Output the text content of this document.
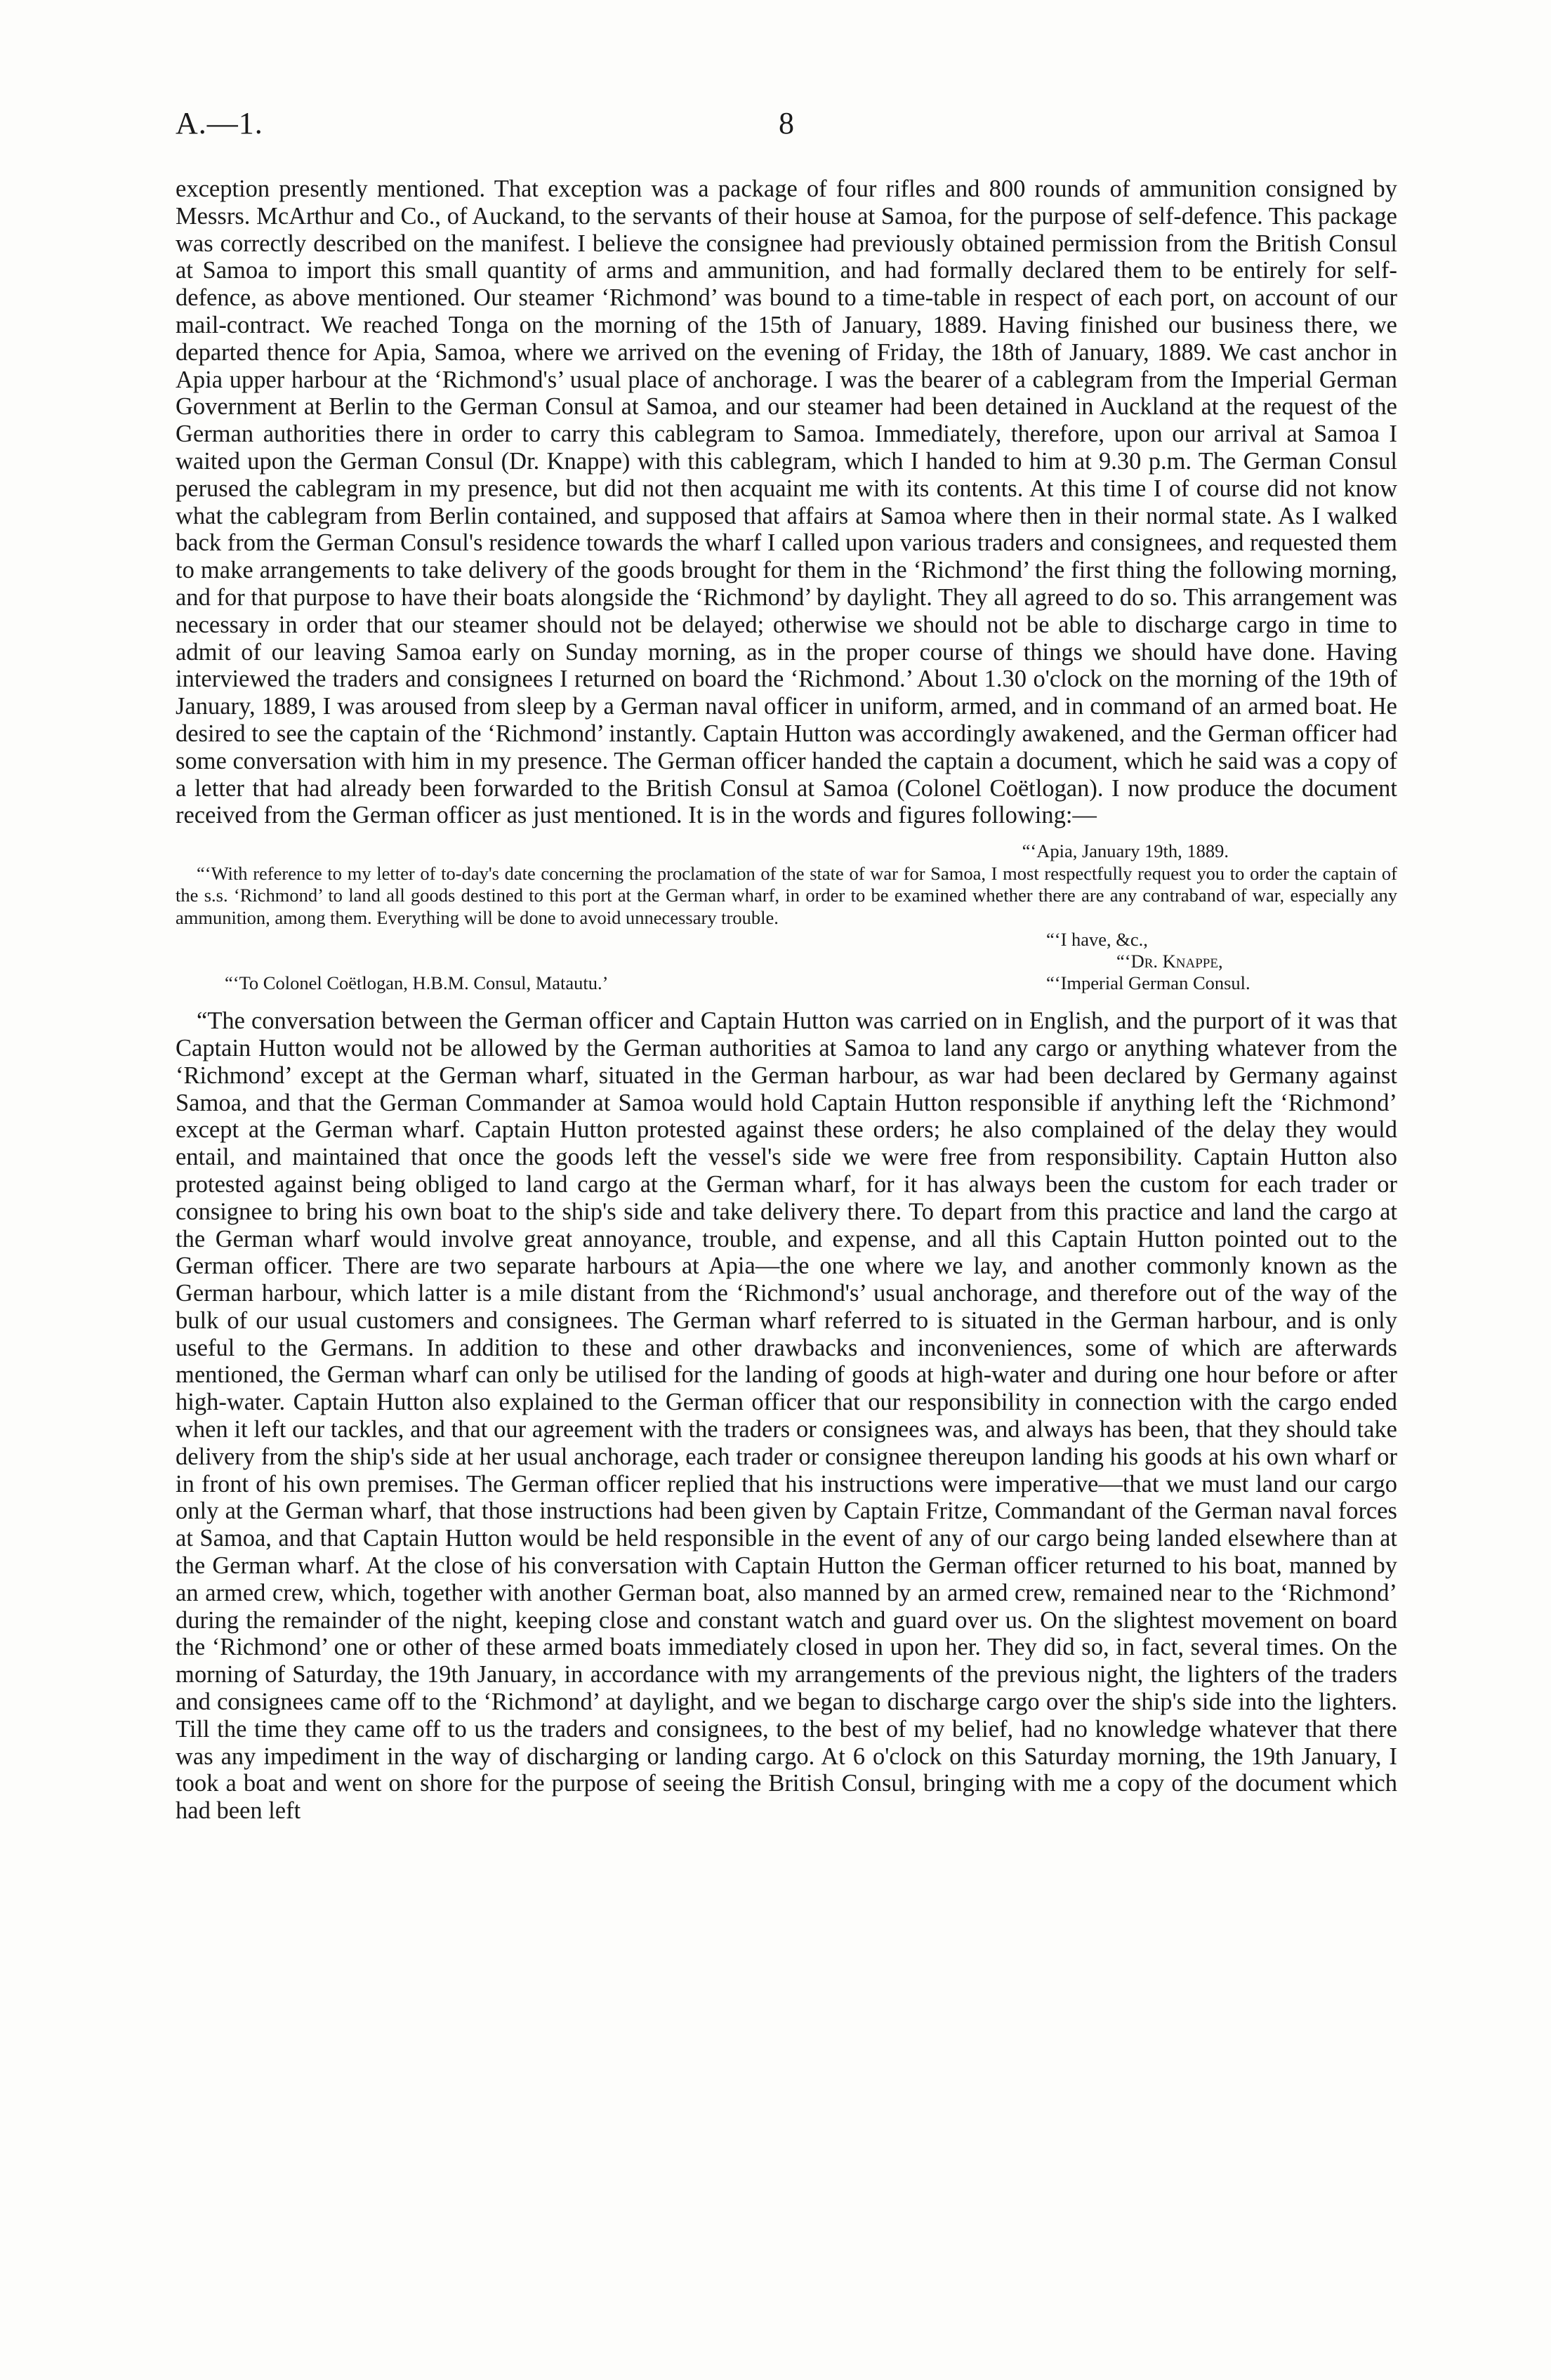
A.—1.	8

exception presently mentioned. That exception was a package of four rifles and 800 rounds of ammunition consigned by Messrs. McArthur and Co., of Auckand, to the servants of their house at Samoa, for the purpose of self-defence. This package was correctly described on the manifest. I believe the consignee had previously obtained permission from the British Consul at Samoa to import this small quantity of arms and ammunition, and had formally declared them to be entirely for self-defence, as above mentioned. Our steamer ‘Richmond’ was bound to a time-table in respect of each port, on account of our mail-contract. We reached Tonga on the morning of the 15th of January, 1889. Having finished our business there, we departed thence for Apia, Samoa, where we arrived on the evening of Friday, the 18th of January, 1889. We cast anchor in Apia upper harbour at the ‘Richmond's’ usual place of anchorage. I was the bearer of a cablegram from the Imperial German Government at Berlin to the German Consul at Samoa, and our steamer had been detained in Auckland at the request of the German authorities there in order to carry this cablegram to Samoa. Immediately, therefore, upon our arrival at Samoa I waited upon the German Consul (Dr. Knappe) with this cablegram, which I handed to him at 9.30 p.m. The German Consul perused the cablegram in my presence, but did not then acquaint me with its contents. At this time I of course did not know what the cablegram from Berlin contained, and supposed that affairs at Samoa where then in their normal state. As I walked back from the German Consul's residence towards the wharf I called upon various traders and consignees, and requested them to make arrangements to take delivery of the goods brought for them in the ‘Richmond’ the first thing the following morning, and for that purpose to have their boats alongside the ‘Richmond’ by daylight. They all agreed to do so. This arrangement was necessary in order that our steamer should not be delayed; otherwise we should not be able to discharge cargo in time to admit of our leaving Samoa early on Sunday morning, as in the proper course of things we should have done. Having interviewed the traders and consignees I returned on board the ‘Richmond.’ About 1.30 o'clock on the morning of the 19th of January, 1889, I was aroused from sleep by a German naval officer in uniform, armed, and in command of an armed boat. He desired to see the captain of the ‘Richmond’ instantly. Captain Hutton was accordingly awakened, and the German officer had some conversation with him in my presence. The German officer handed the captain a document, which he said was a copy of a letter that had already been forwarded to the British Consul at Samoa (Colonel Coëtlogan). I now produce the document received from the German officer as just mentioned. It is in the words and figures following:—

“‘Apia, January 19th, 1889.
“‘With reference to my letter of to-day's date concerning the proclamation of the state of war for Samoa, I most respectfully request you to order the captain of the s.s. ‘Richmond’ to land all goods destined to this port at the German wharf, in order to be examined whether there are any contraband of war, especially any ammunition, among them. Everything will be done to avoid unnecessary trouble.
“‘I have, &c.,
“‘Dr. Knappe,
“‘To Colonel Coëtlogan, H.B.M. Consul, Matautu.’	“‘Imperial German Consul.

“The conversation between the German officer and Captain Hutton was carried on in English, and the purport of it was that Captain Hutton would not be allowed by the German authorities at Samoa to land any cargo or anything whatever from the ‘Richmond’ except at the German wharf, situated in the German harbour, as war had been declared by Germany against Samoa, and that the German Commander at Samoa would hold Captain Hutton responsible if anything left the ‘Richmond’ except at the German wharf. Captain Hutton protested against these orders; he also complained of the delay they would entail, and maintained that once the goods left the vessel's side we were free from responsibility. Captain Hutton also protested against being obliged to land cargo at the German wharf, for it has always been the custom for each trader or consignee to bring his own boat to the ship's side and take delivery there. To depart from this practice and land the cargo at the German wharf would involve great annoyance, trouble, and expense, and all this Captain Hutton pointed out to the German officer. There are two separate harbours at Apia—the one where we lay, and another commonly known as the German harbour, which latter is a mile distant from the ‘Richmond's’ usual anchorage, and therefore out of the way of the bulk of our usual customers and consignees. The German wharf referred to is situated in the German harbour, and is only useful to the Germans. In addition to these and other drawbacks and inconveniences, some of which are afterwards mentioned, the German wharf can only be utilised for the landing of goods at high-water and during one hour before or after high-water. Captain Hutton also explained to the German officer that our responsibility in connection with the cargo ended when it left our tackles, and that our agreement with the traders or consignees was, and always has been, that they should take delivery from the ship's side at her usual anchorage, each trader or consignee thereupon landing his goods at his own wharf or in front of his own premises. The German officer replied that his instructions were imperative—that we must land our cargo only at the German wharf, that those instructions had been given by Captain Fritze, Commandant of the German naval forces at Samoa, and that Captain Hutton would be held responsible in the event of any of our cargo being landed elsewhere than at the German wharf. At the close of his conversation with Captain Hutton the German officer returned to his boat, manned by an armed crew, which, together with another German boat, also manned by an armed crew, remained near to the ‘Richmond’ during the remainder of the night, keeping close and constant watch and guard over us. On the slightest movement on board the ‘Richmond’ one or other of these armed boats immediately closed in upon her. They did so, in fact, several times. On the morning of Saturday, the 19th January, in accordance with my arrangements of the previous night, the lighters of the traders and consignees came off to the ‘Richmond’ at daylight, and we began to discharge cargo over the ship's side into the lighters. Till the time they came off to us the traders and consignees, to the best of my belief, had no knowledge whatever that there was any impediment in the way of discharging or landing cargo. At 6 o'clock on this Saturday morning, the 19th January, I took a boat and went on shore for the purpose of seeing the British Consul, bringing with me a copy of the document which had been left
